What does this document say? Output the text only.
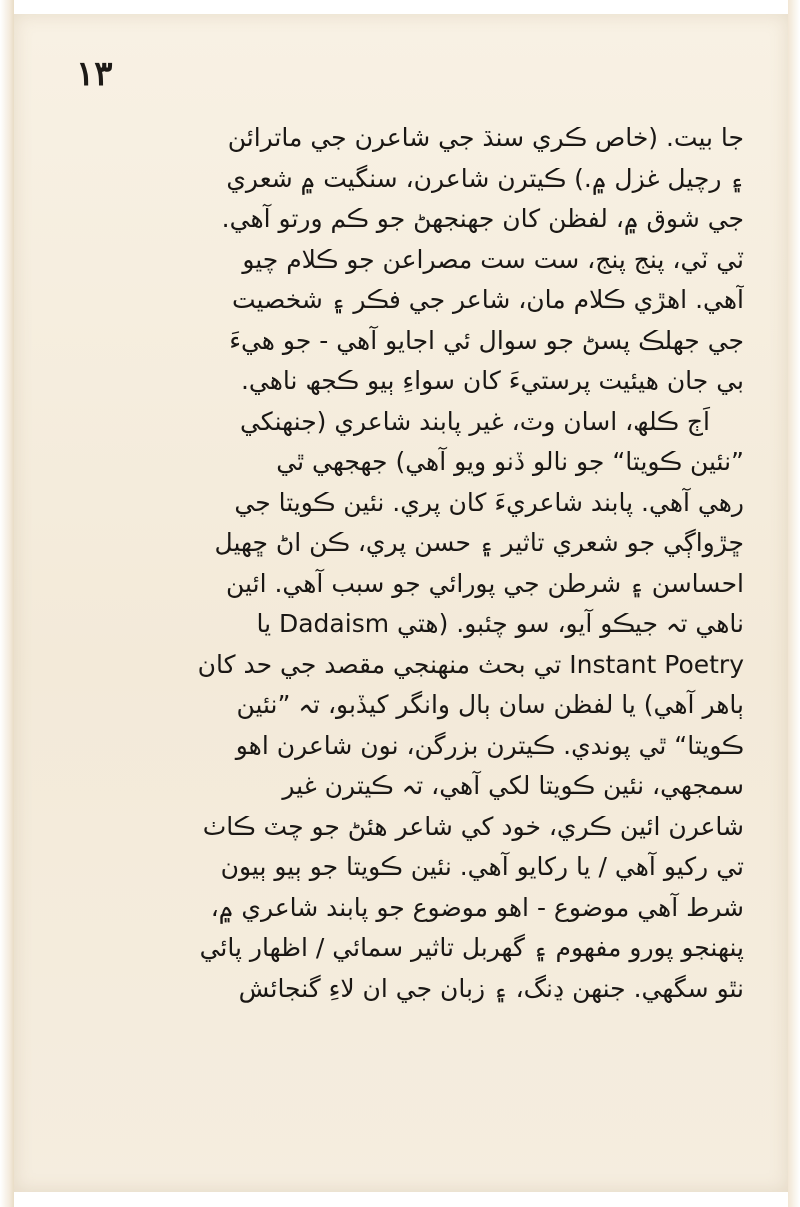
١٣
جا بيت. (خاص ڪري سنڌ جي شاعرن جي ماترائن
۽ رچيل غزل ۾.) ڪيترن شاعرن، سنگيت ۾ شعري
جي شوق ۾، لفظن کان جهنجهڻ جو ڪم ورتو آهي.
ٽي ٽي، پنج پنج، ست ست مصراعن جو ڪلام چيو
آهي. اهڙي ڪلام مان، شاعر جي فڪر ۽ شخصيت
جي جهلڪ پسڻ جو سوال ئي اجايو آهي - جو هيءَ
بي جان هيئيت پرستيءَ کان سواءِ ٻيو ڪجھ ناهي.
اَڄ ڪلھ، اسان وٽ، غير پابند شاعري (جنهنکي
”نئين ڪويتا“ جو نالو ڏنو ويو آهي) جهجهي ٿي
رهي آهي. پابند شاعريءَ کان پري. نئين ڪويتا جي
ڇڙواڳي جو شعري تاثير ۽ حسن پري، ڪن اڻ ڇهيل
احساسن ۽ شرطن جي پورائي جو سبب آهي. ائين
ناهي تہ جيڪو آيو، سو چئبو. (هتي Dadaism يا
Instant Poetry تي بحث منهنجي مقصد جي حد کان
ٻاهر آهي) يا لفظن سان ٻال وانگر کيڏبو، تہ ”نئين
ڪويتا“ ٿي پوندي. ڪيترن بزرگن، نون شاعرن اهو
سمجھي، نئين ڪويتا لکي آهي، تہ ڪيترن غير
شاعرن ائين ڪري، خود کي شاعر هئڻ جو چٽ ڪاٺ
تي رکيو آهي / يا رکايو آهي. نئين ڪويتا جو ٻيو ٻيون
شرط آهي موضوع - اهو موضوع جو پابند شاعري ۾،
پنهنجو پورو مفهوم ۽ گهربل تاثير سمائي / اظهار پائي
نٿو سگهي. جنهن ڍنگ، ۽ زبان جي ان لاءِ گنجائش
